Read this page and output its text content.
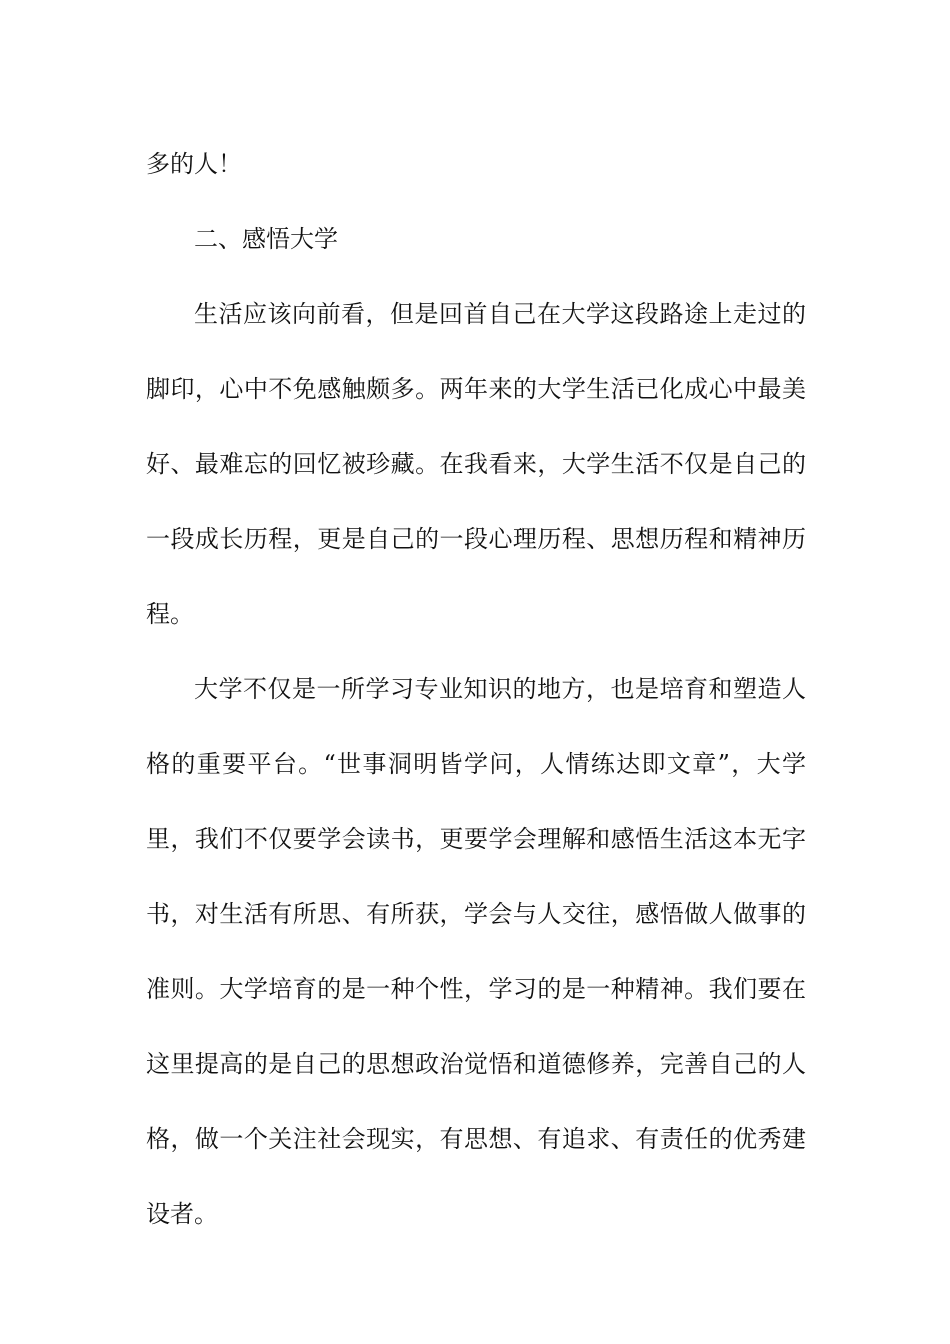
多的人！
二、感悟大学
生活应该向前看，但是回首自己在大学这段路途上走过的
脚印，心中不免感触颇多。两年来的大学生活已化成心中最美
好、最难忘的回忆被珍藏。在我看来，大学生活不仅是自己的
一段成长历程，更是自己的一段心理历程、思想历程和精神历
程。
大学不仅是一所学习专业知识的地方，也是培育和塑造人
格的重要平台。“世事洞明皆学问，人情练达即文章”，大学
里，我们不仅要学会读书，更要学会理解和感悟生活这本无字
书，对生活有所思、有所获，学会与人交往，感悟做人做事的
准则。大学培育的是一种个性，学习的是一种精神。我们要在
这里提高的是自己的思想政治觉悟和道德修养，完善自己的人
格，做一个关注社会现实，有思想、有追求、有责任的优秀建
设者。
